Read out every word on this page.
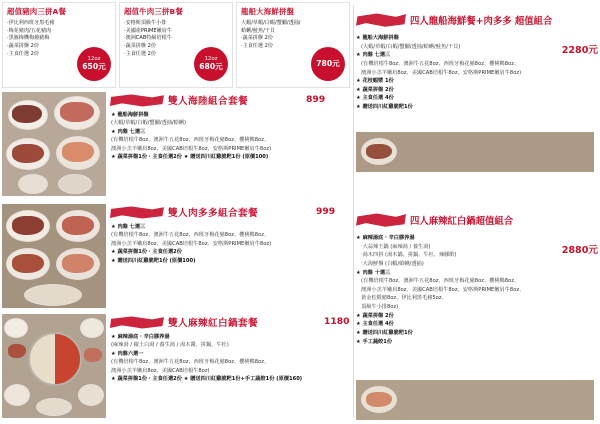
超值豬肉三拼A餐
‧伊比利西班牙黑毛豬
‧梅花豬肉/五花豬肉
‧黑豚梅機梅燒豬梅
‧蔬菜拼盤 2份
‧主食任選 2份
12oz
650元
超值牛肉三拼B餐
‧安格斯頂級牛小排
‧美國產PRIME嫩肩牛
‧澳洲CAB特級培根牛
‧蔬菜拼盤 2份
‧主食任選 2份
12oz
680元
龍船大海鮮拼盤
大蝦/草蝦/白蝦/蟹腳/透抽/
蛤蜊/鮭魚/干貝
‧蔬菜拼盤 2份
‧主食任選 2份
780元
雙人海陸組合套餐	899
★ 龍船海鮮拼盤
(大蝦/草蝦/白蝦/蟹腳/透抽/蛤蜊)
★ 肉盤 七選三
(有機培根牛8oz、澳洲牛五花8oz、西班牙梅花豬8oz、櫻桃鴨8oz、
澳洲小羔羊嫩肩8oz、美國CAB培根牛8oz、安格斯PRIME嫩肩牛8oz)
★ 蔬菜拼盤1份 ‧ 主食任選2份 ★ 贈送四川紅雞脆粑1份 (原價100)
雙人肉多多組合套餐	999
★ 肉盤 七選三
(有機培根牛8oz、澳洲牛五花8oz、西班牙梅花豬8oz、櫻桃鴨8oz、
澳洲小羔羊嫩肩8oz、美國CAB培根牛8oz、安格斯PRIME嫩肩牛8oz)
★ 蔬菜拼盤1份 ‧ 主食任選2份
★ 贈送四川紅雞脆粑1份 (原價100)
雙人麻辣紅白鍋套餐	1180
★ 麻辣湯底 ‧ 辛白膠养湯
(麻辣湯 / 椒土白湯 / 養生湯 / 湯木醬、拼鍋、牛杜)
★ 肉盤六選一
(有機培根牛8oz、澳洲牛五花8oz、西班牙梅花豬8oz、櫻桃鴨8oz、
澳洲小羔羊嫩肩8oz、美國CAB培根牛8oz)
★ 蔬菜拼盤1份 ‧ 主食任選2份 ★ 贈送四川紅雞脆粑1份+手工蔬餃1份 (原價160)
四人龍船海鮮餐+肉多多 超值組合
2280元
★ 龍船大海鮮拼盤
(大蝦/草蝦/白蝦/蟹腳/透抽/蛤蜊/鮭魚/干貝)
★ 肉盤 七選三
(有機培根牛8oz、澳洲牛五花8oz、西班牙梅花豬8oz、櫻桃鴨8oz、
澳洲小羔羊嫩肩8oz、美國CAB培根牛8oz、安格斯PRIME嫩肩牛8oz)
★ 花枝蝦漿 1份
★ 蔬菜拼盤 2份
★ 主食任選 4份
★ 贈送四川紅雞脆粑1份
四人麻辣紅白鍋超值組合
2880元
★ 麻辣湯底 ‧ 辛白膠养湯
‧大蒜辣王鍋 (麻辣湯 / 養生湯)
‧湯木四拼 (湯木鍋、拼鍋、牛杜、辣膠酢)
‧大海鮮盤 (白蝦/蛤蜊/透抽)
★ 肉盤 十選三
(有機培根牛8oz、澳洲牛五花8oz、西班牙梅花豬8oz、櫻桃鴨8oz、
澳洲小羔羊嫩肩8oz、美國CAB培根牛8oz、安格斯PRIME嫩肩牛8oz、
黃金松阪豬8oz、伊比利黑毛豬5oz、
頂級牛小排8oz)
★ 蔬菜拼盤 2份
★ 主食任選 4份
★ 贈送四川紅雞脆粑1份
★ 手工蔬餃1份
